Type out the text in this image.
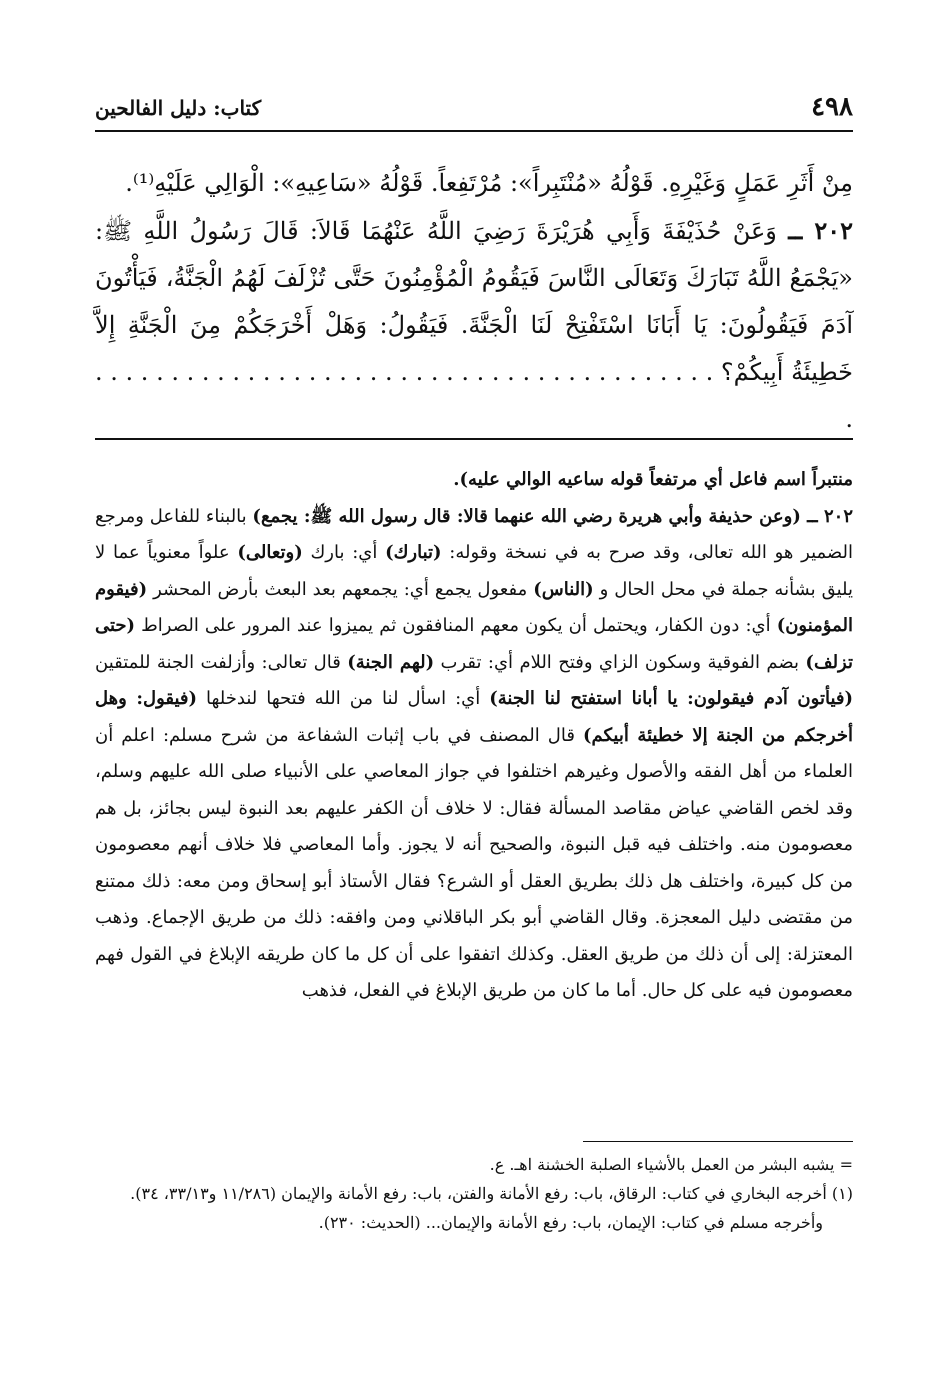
٤٩٨
كتاب: دليل الفالحين

مِنْ أَثَرِ عَمَلٍ وَغَيْرِهِ. قَوْلُهُ «مُنْتَبِراً»: مُرْتَفِعاً. قَوْلُهُ «سَاعِيهِ»: الْوَالِي عَلَيْهِ⁽¹⁾.

٢٠٢ ــ وَعَنْ حُذَيْفَةَ وَأَبِي هُرَيْرَةَ رَضِيَ اللَّهُ عَنْهُمَا قَالاَ: قَالَ رَسُولُ اللَّهِ ﷺ: «يَجْمَعُ اللَّهُ تَبَارَكَ وَتَعَالَى النَّاسَ فَيَقُومُ الْمُؤْمِنُونَ حَتَّى تُزْلَفَ لَهُمُ الْجَنَّةُ، فَيَأْتُونَ آدَمَ فَيَقُولُونَ: يَا أَبَانَا اسْتَفْتِحْ لَنَا الْجَنَّةَ. فَيَقُولُ: وَهَلْ أَخْرَجَكُمْ مِنَ الْجَنَّةِ إِلاَّ خَطِيئَةُ أَبِيكُمْ؟ . . . . . . . . . . . . . . . . . . . . . . . . . . . . . . . . . . . . . . . . . .

منتبراً اسم فاعل أي مرتفعاً قوله ساعيه الوالي عليه).

٢٠٢ ــ (وعن حذيفة وأبي هريرة رضي الله عنهما قالا: قال رسول الله ﷺ: يجمع) بالبناء للفاعل ومرجع الضمير هو الله تعالى، وقد صرح به في نسخة وقوله: (تبارك) أي: بارك (وتعالى) علواً معنوياً عما لا يليق بشأنه جملة في محل الحال و (الناس) مفعول يجمع أي: يجمعهم بعد البعث بأرض المحشر (فيقوم المؤمنون) أي: دون الكفار، ويحتمل أن يكون معهم المنافقون ثم يميزوا عند المرور على الصراط (حتى تزلف) بضم الفوقية وسكون الزاي وفتح اللام أي: تقرب (لهم الجنة) قال تعالى: وأزلفت الجنة للمتقين (فيأتون آدم فيقولون: يا أبانا استفتح لنا الجنة) أي: اسأل لنا من الله فتحها لندخلها (فيقول: وهل أخرجكم من الجنة إلا خطيئة أبيكم) قال المصنف في باب إثبات الشفاعة من شرح مسلم: اعلم أن العلماء من أهل الفقه والأصول وغيرهم اختلفوا في جواز المعاصي على الأنبياء صلى الله عليهم وسلم، وقد لخص القاضي عياض مقاصد المسألة فقال: لا خلاف أن الكفر عليهم بعد النبوة ليس بجائز، بل هم معصومون منه. واختلف فيه قبل النبوة، والصحيح أنه لا يجوز. وأما المعاصي فلا خلاف أنهم معصومون من كل كبيرة، واختلف هل ذلك بطريق العقل أو الشرع؟ فقال الأستاذ أبو إسحاق ومن معه: ذلك ممتنع من مقتضى دليل المعجزة. وقال القاضي أبو بكر الباقلاني ومن وافقه: ذلك من طريق الإجماع. وذهب المعتزلة: إلى أن ذلك من طريق العقل. وكذلك اتفقوا على أن كل ما كان طريقه الإبلاغ في القول فهم معصومون فيه على كل حال. أما ما كان من طريق الإبلاغ في الفعل، فذهب

= يشبه البشر من العمل بالأشياء الصلبة الخشنة اهـ. ع.

(١) أخرجه البخاري في كتاب: الرقاق، باب: رفع الأمانة والفتن، باب: رفع الأمانة والإيمان (١١/٢٨٦ و٣٣/١٣، ٣٤).

وأخرجه مسلم في كتاب: الإيمان، باب: رفع الأمانة والإيمان... (الحديث: ٢٣٠).
